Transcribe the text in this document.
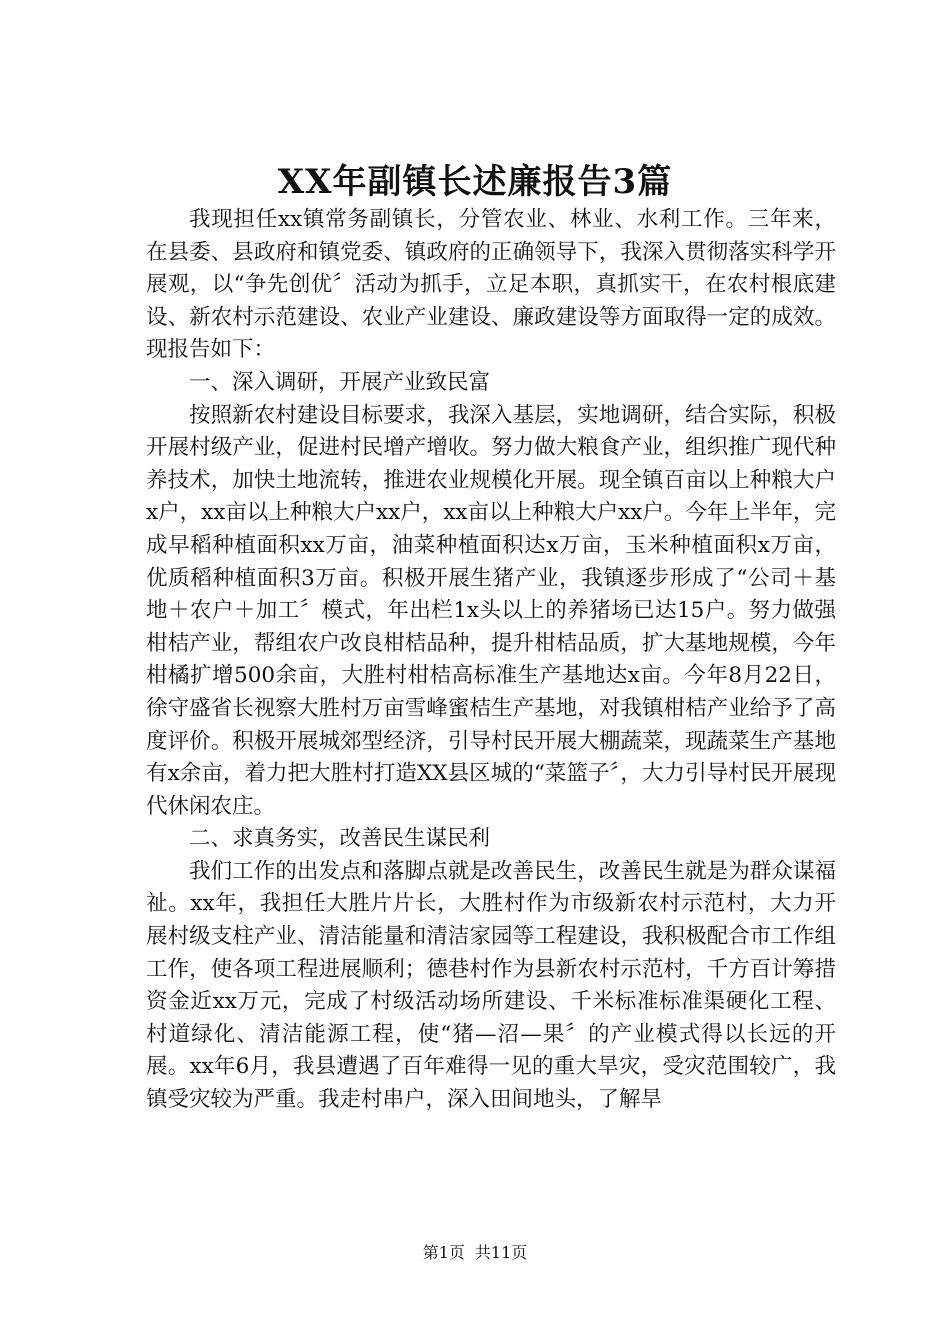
XX年副镇长述廉报告3篇

我现担任xx镇常务副镇长，分管农业、林业、水利工作。三年来，在县委、县政府和镇党委、镇政府的正确领导下，我深入贯彻落实科学开展观，以“争先创优〞活动为抓手，立足本职，真抓实干，在农村根底建设、新农村示范建设、农业产业建设、廉政建设等方面取得一定的成效。现报告如下：

一、深入调研，开展产业致民富

按照新农村建设目标要求，我深入基层，实地调研，结合实际，积极开展村级产业，促进村民增产增收。努力做大粮食产业，组织推广现代种养技术，加快土地流转，推进农业规模化开展。现全镇百亩以上种粮大户x户，xx亩以上种粮大户xx户，xx亩以上种粮大户xx户。今年上半年，完成早稻种植面积xx万亩，油菜种植面积达x万亩，玉米种植面积x万亩，优质稻种植面积3万亩。积极开展生猪产业，我镇逐步形成了“公司＋基地＋农户＋加工〞模式，年出栏1x头以上的养猪场已达15户。努力做强柑桔产业，帮组农户改良柑桔品种，提升柑桔品质，扩大基地规模，今年柑橘扩增500余亩，大胜村柑桔高标准生产基地达x亩。今年8月22日，徐守盛省长视察大胜村万亩雪峰蜜桔生产基地，对我镇柑桔产业给予了高度评价。积极开展城郊型经济，引导村民开展大棚蔬菜，现蔬菜生产基地有x余亩，着力把大胜村打造XX县区城的“菜篮子〞，大力引导村民开展现代休闲农庄。

二、求真务实，改善民生谋民利

我们工作的出发点和落脚点就是改善民生，改善民生就是为群众谋福祉。xx年，我担任大胜片片长，大胜村作为市级新农村示范村，大力开展村级支柱产业、清洁能量和清洁家园等工程建设，我积极配合市工作组工作，使各项工程进展顺利；德巷村作为县新农村示范村，千方百计筹措资金近xx万元，完成了村级活动场所建设、千米标准标准渠硬化工程、村道绿化、清洁能源工程，使“猪—沼—果〞的产业模式得以长远的开展。xx年6月，我县遭遇了百年难得一见的重大旱灾，受灾范围较广，我镇受灾较为严重。我走村串户，深入田间地头，了解旱

第1页 共11页
